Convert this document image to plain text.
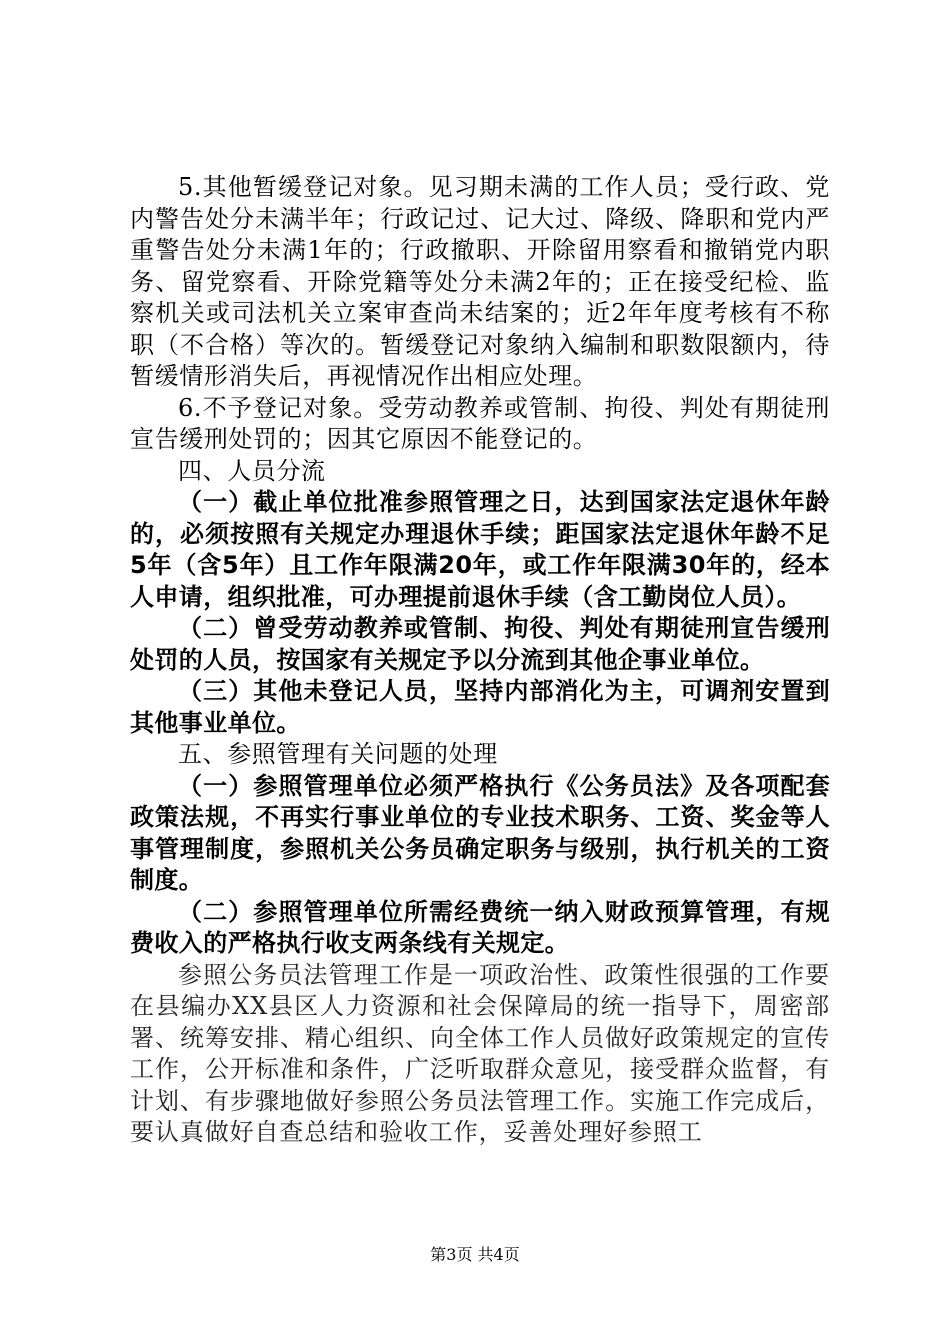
5.其他暂缓登记对象。见习期未满的工作人员；受行政、党内警告处分未满半年；行政记过、记大过、降级、降职和党内严重警告处分未满1年的；行政撤职、开除留用察看和撤销党内职务、留党察看、开除党籍等处分未满2年的；正在接受纪检、监察机关或司法机关立案审查尚未结案的；近2年年度考核有不称职（不合格）等次的。暂缓登记对象纳入编制和职数限额内，待暂缓情形消失后，再视情况作出相应处理。

6.不予登记对象。受劳动教养或管制、拘役、判处有期徒刑宣告缓刑处罚的；因其它原因不能登记的。

四、人员分流

（一）截止单位批准参照管理之日，达到国家法定退休年龄的，必须按照有关规定办理退休手续；距国家法定退休年龄不足5年（含5年）且工作年限满20年，或工作年限满30年的，经本人申请，组织批准，可办理提前退休手续（含工勤岗位人员）。

（二）曾受劳动教养或管制、拘役、判处有期徒刑宣告缓刑处罚的人员，按国家有关规定予以分流到其他企事业单位。

（三）其他未登记人员，坚持内部消化为主，可调剂安置到其他事业单位。

五、参照管理有关问题的处理

（一）参照管理单位必须严格执行《公务员法》及各项配套政策法规，不再实行事业单位的专业技术职务、工资、奖金等人事管理制度，参照机关公务员确定职务与级别，执行机关的工资制度。

（二）参照管理单位所需经费统一纳入财政预算管理，有规费收入的严格执行收支两条线有关规定。

参照公务员法管理工作是一项政治性、政策性很强的工作要在县编办XX县区人力资源和社会保障局的统一指导下，周密部署、统筹安排、精心组织、向全体工作人员做好政策规定的宣传工作，公开标准和条件，广泛听取群众意见，接受群众监督，有计划、有步骤地做好参照公务员法管理工作。实施工作完成后，要认真做好自查总结和验收工作，妥善处理好参照工

第3页 共4页
